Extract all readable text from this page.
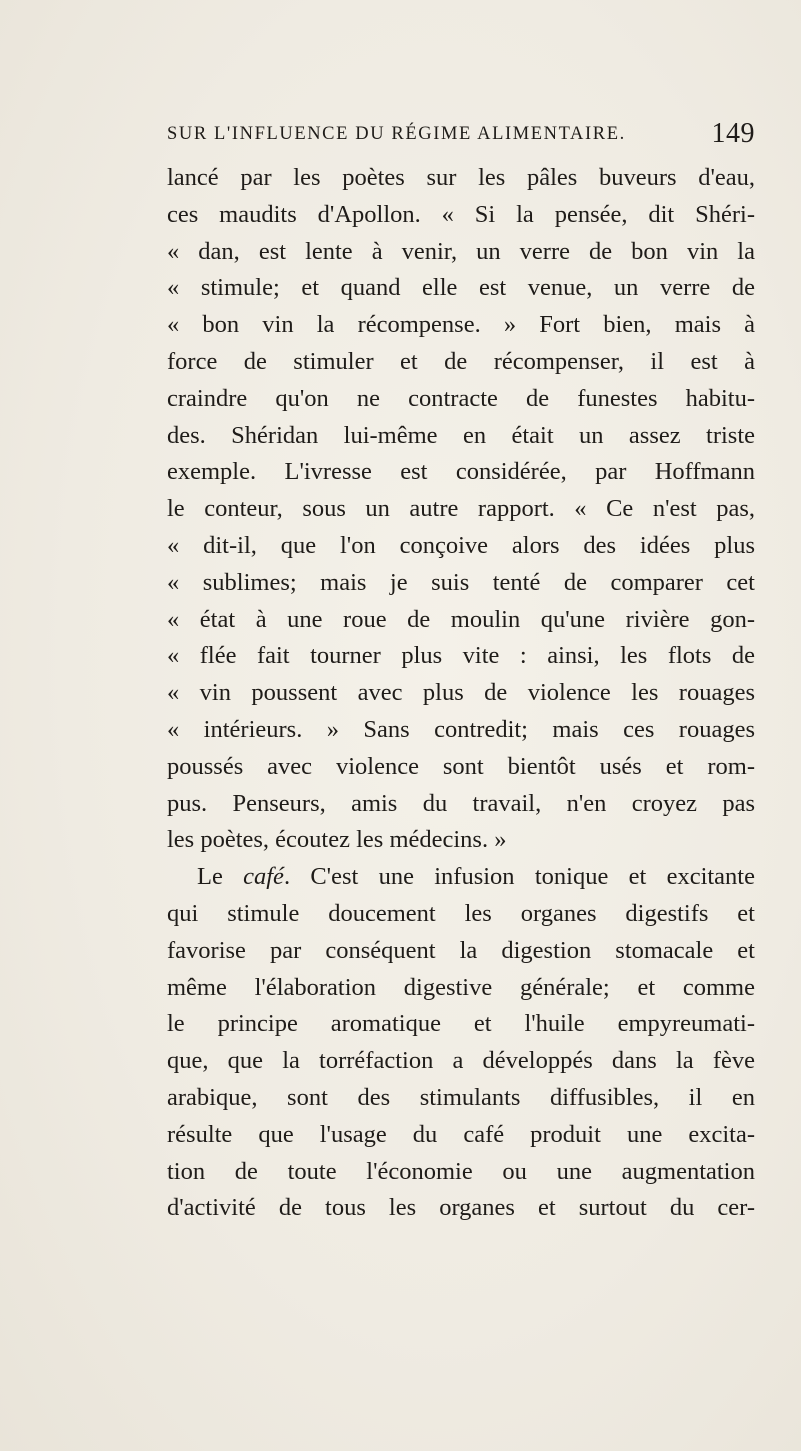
SUR L'INFLUENCE DU RÉGIME ALIMENTAIRE.	149
lancé par les poètes sur les pâles buveurs d'eau,
ces maudits d'Apollon. « Si la pensée, dit Shéri-
« dan, est lente à venir, un verre de bon vin la
« stimule; et quand elle est venue, un verre de
« bon vin la récompense. » Fort bien, mais à
force de stimuler et de récompenser, il est à
craindre qu'on ne contracte de funestes habitu-
des. Shéridan lui-même en était un assez triste
exemple. L'ivresse est considérée, par Hoffmann
le conteur, sous un autre rapport. « Ce n'est pas,
« dit-il, que l'on conçoive alors des idées plus
« sublimes; mais je suis tenté de comparer cet
« état à une roue de moulin qu'une rivière gon-
« flée fait tourner plus vite : ainsi, les flots de
« vin poussent avec plus de violence les rouages
« intérieurs. » Sans contredit; mais ces rouages
poussés avec violence sont bientôt usés et rom-
pus. Penseurs, amis du travail, n'en croyez pas
les poètes, écoutez les médecins. »
Le café. C'est une infusion tonique et excitante
qui stimule doucement les organes digestifs et
favorise par conséquent la digestion stomacale et
même l'élaboration digestive générale; et comme
le principe aromatique et l'huile empyreumati-
que, que la torréfaction a développés dans la fève
arabique, sont des stimulants diffusibles, il en
résulte que l'usage du café produit une excita-
tion de toute l'économie ou une augmentation
d'activité de tous les organes et surtout du cer-
